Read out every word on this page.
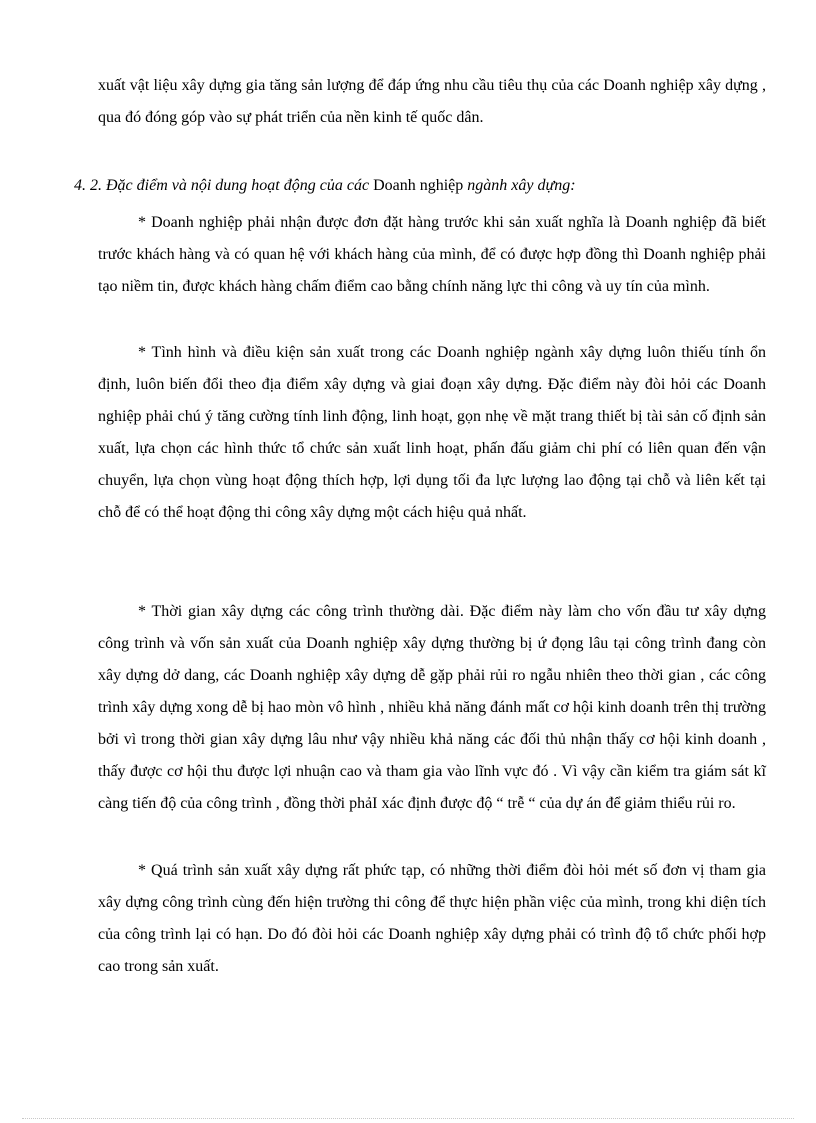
xuất vật liệu xây dựng gia tăng sản lượng để đáp ứng nhu cầu tiêu thụ của các Doanh nghiệp xây dựng , qua đó đóng góp vào sự phát triển của nền kinh tế quốc dân.

4. 2. Đặc điểm và nội dung hoạt động của các Doanh nghiệp ngành xây dựng:

* Doanh nghiệp phải nhận được đơn đặt hàng trước khi sản xuất nghĩa là Doanh nghiệp đã biết trước khách hàng và có quan hệ với khách hàng của mình, để có được hợp đồng thì Doanh nghiệp phải tạo niềm tin, được khách hàng chấm điểm cao bằng chính năng lực thi công và uy tín của mình.

* Tình hình và điều kiện sản xuất trong các Doanh nghiệp ngành xây dựng luôn thiếu tính ổn định, luôn biến đổi theo địa điểm xây dựng và giai đoạn xây dựng. Đặc điểm này đòi hỏi các Doanh nghiệp phải chú ý tăng cường tính linh động, linh hoạt, gọn nhẹ về mặt trang thiết bị tài sản cố định sản xuất, lựa chọn các hình thức tổ chức sản xuất linh hoạt, phấn đấu giảm chi phí có liên quan đến vận chuyển, lựa chọn vùng hoạt động thích hợp, lợi dụng tối đa lực lượng lao động tại chỗ và liên kết tại chỗ để có thể hoạt động thi công xây dựng một cách hiệu quả nhất.

* Thời gian xây dựng các công trình thường dài. Đặc điểm này làm cho vốn đầu tư xây dựng công trình và vốn sản xuất của Doanh nghiệp xây dựng thường bị ứ đọng lâu tại công trình đang còn xây dựng dở dang, các Doanh nghiệp xây dựng dễ gặp phải rủi ro ngẫu nhiên theo thời gian , các công trình xây dựng xong dễ bị hao mòn vô hình , nhiều khả năng đánh mất cơ hội kinh doanh trên thị trường bởi vì trong thời gian xây dựng lâu như vậy nhiều khả năng các đối thủ nhận thấy cơ hội kinh doanh , thấy được cơ hội thu được lợi nhuận cao và tham gia vào lĩnh vực đó . Vì vậy cần kiểm tra giám sát kĩ càng tiến độ của công trình , đồng thời phảI xác định được độ “ trễ “ của dự án để giảm thiểu rủi ro.

* Quá trình sản xuất xây dựng rất phức tạp, có những thời điểm đòi hỏi mét số đơn vị tham gia xây dựng công trình cùng đến hiện trường thi công để thực hiện phần việc của mình, trong khi diện tích của công trình lại có hạn. Do đó đòi hỏi các Doanh nghiệp xây dựng phải có trình độ tổ chức phối hợp cao trong sản xuất.
